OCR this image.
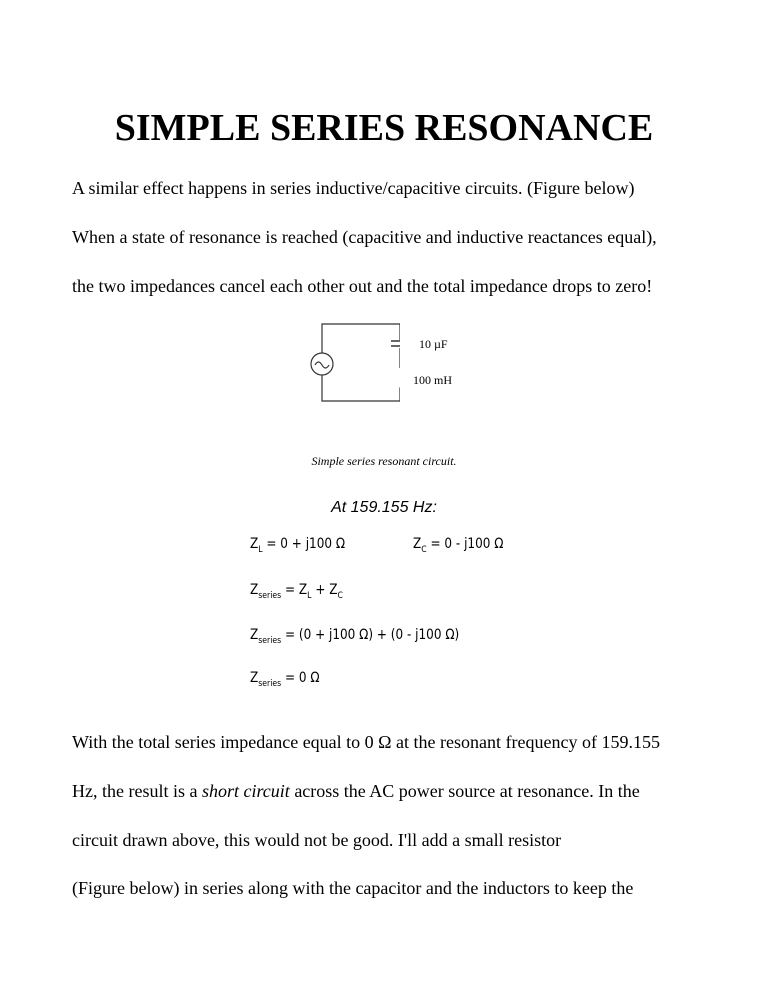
SIMPLE SERIES RESONANCE
A similar effect happens in series inductive/capacitive circuits. (Figure below)
When a state of resonance is reached (capacitive and inductive reactances equal),
the two impedances cancel each other out and the total impedance drops to zero!
10 µF
100 mH
Simple series resonant circuit.
At 159.155 Hz:
$Z_L = 0 + j100$ Ω	$Z_C = 0 - j100$ Ω
$Z_{series} = Z_L + Z_C$
$Z_{series} = (0 + j100$ Ω) + (0 - j100 Ω)
$Z_{series} = 0$ Ω
With the total series impedance equal to 0 Ω at the resonant frequency of 159.155
Hz, the result is a short circuit across the AC power source at resonance. In the
circuit drawn above, this would not be good. I'll add a small resistor
(Figure below) in series along with the capacitor and the inductors to keep the
